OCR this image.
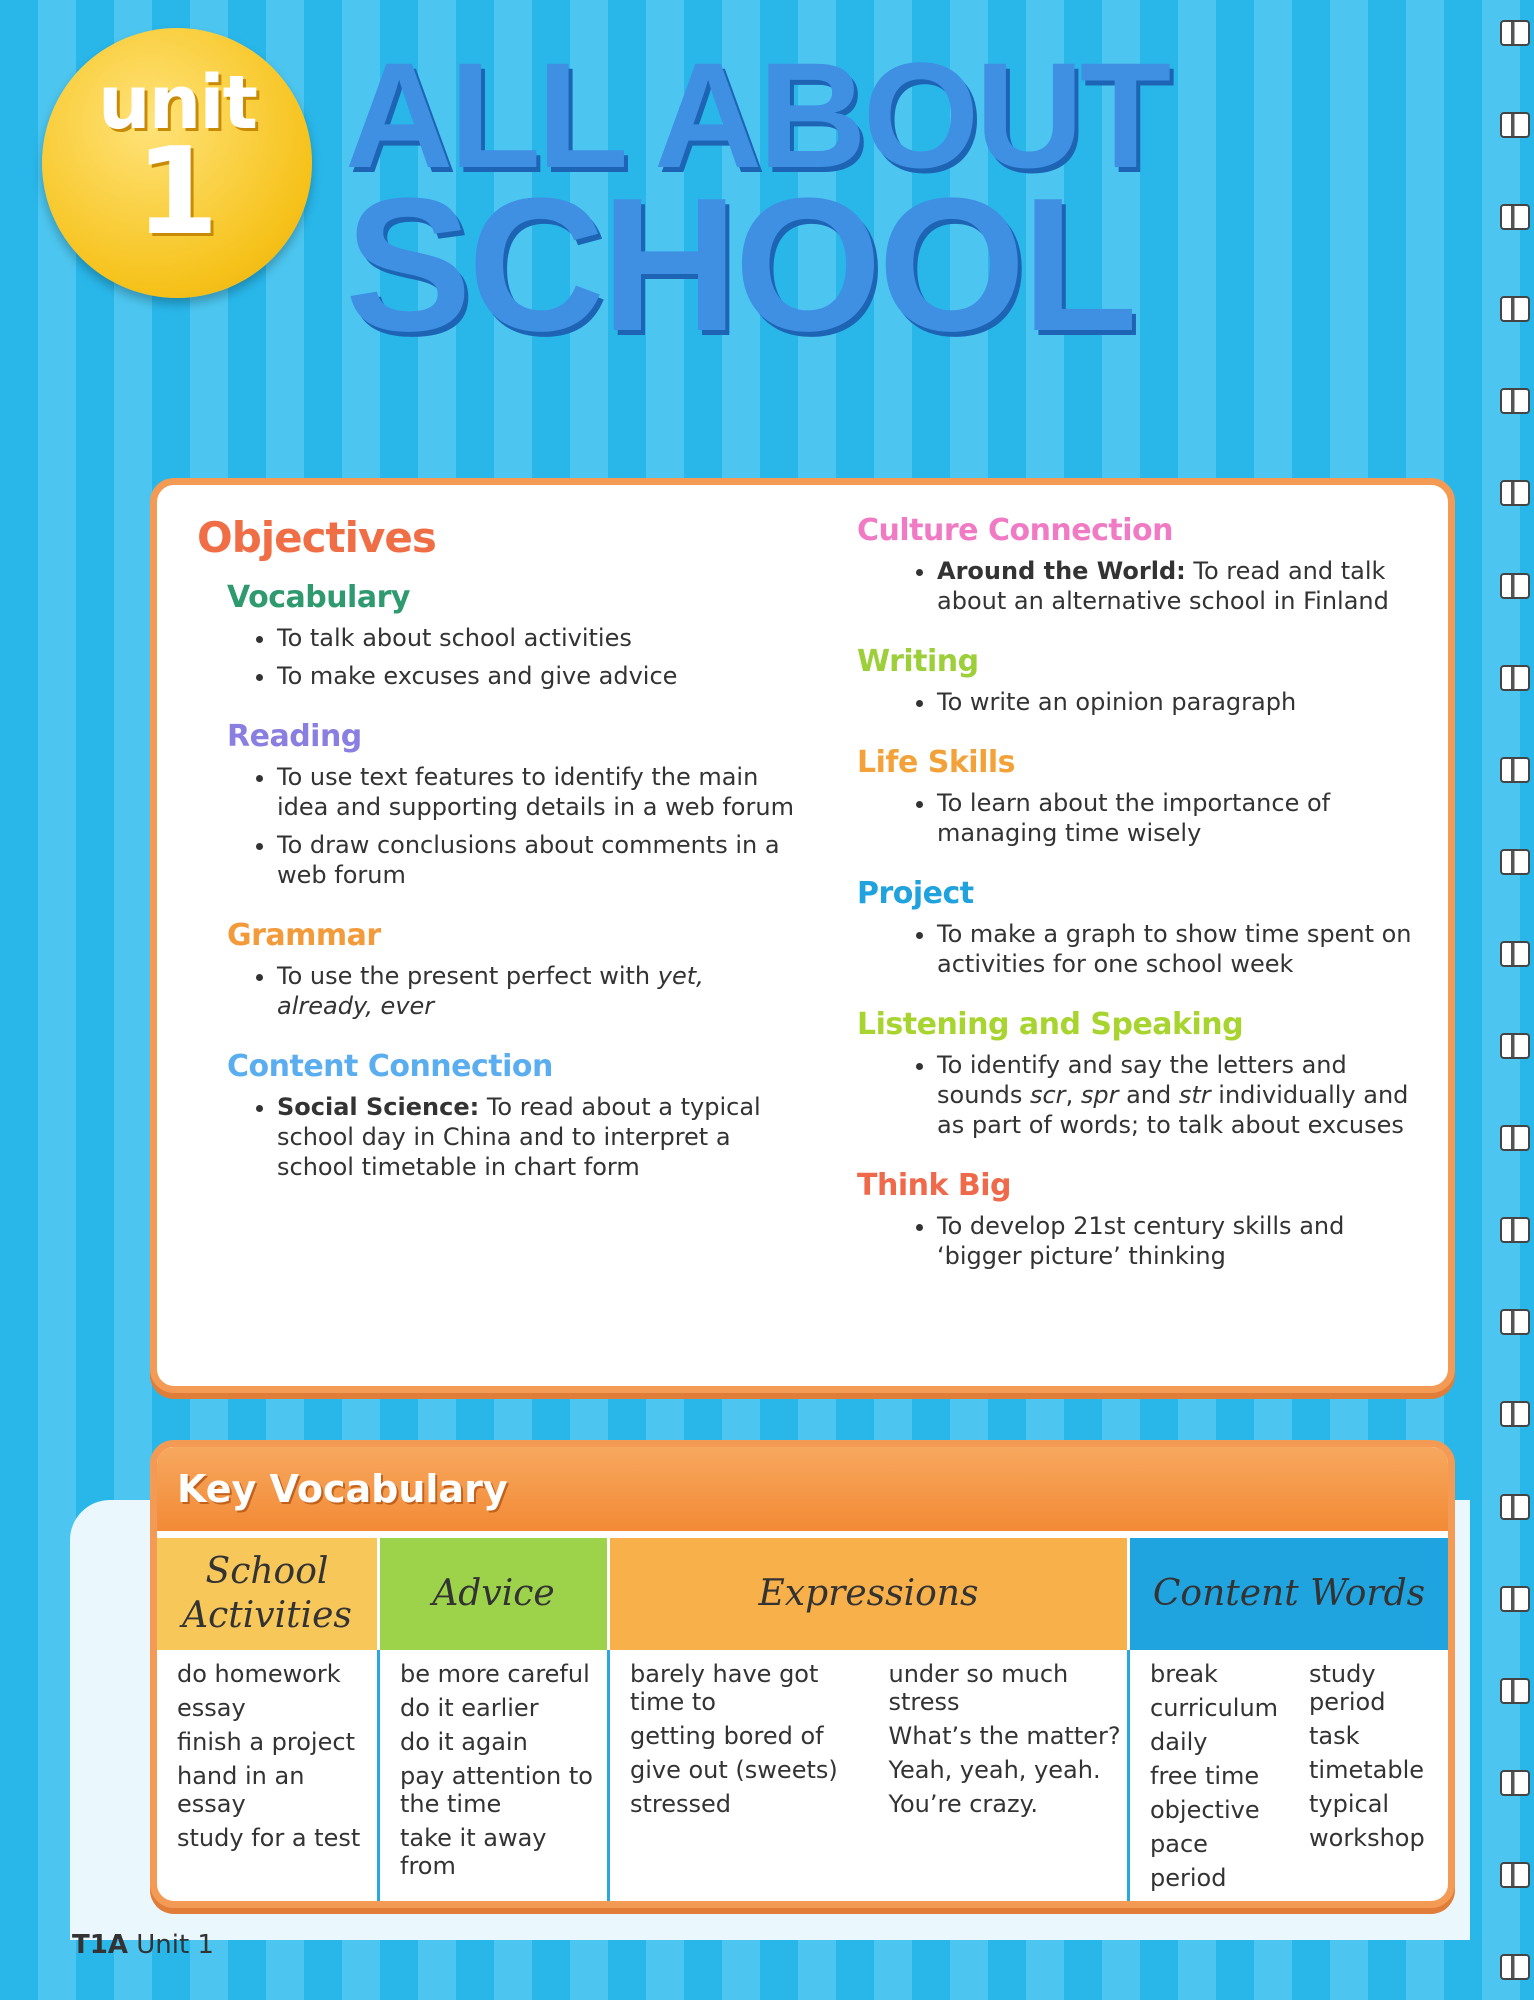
unit
1 ALL ABOUT
SCHOOL
Objectives
Vocabulary
• To talk about school activities
• To make excuses and give advice
Reading
• To use text features to identify the main idea and supporting details in a web forum
• To draw conclusions about comments in a web forum
Grammar
• To use the present perfect with yet, already, ever
Content Connection
• Social Science: To read about a typical school day in China and to interpret a school timetable in chart form
Culture Connection
• Around the World: To read and talk about an alternative school in Finland
Writing
• To write an opinion paragraph
Life Skills
• To learn about the importance of managing time wisely
Project
• To make a graph to show time spent on activities for one school week
Listening and Speaking
• To identify and say the letters and sounds scr, spr and str individually and as part of words; to talk about excuses
Think Big
• To develop 21st century skills and ‘bigger picture’ thinking
Key Vocabulary
School
Activities
do homework
essay
finish a project
hand in an essay
study for a test
Advice
be more careful
do it earlier
do it again
pay attention to the time
take it away from
Expressions
barely have got time to
getting bored of
give out (sweets)
stressed
under so much stress
What’s the matter?
Yeah, yeah, yeah.
You’re crazy.
Content Words
break
curriculum
daily
free time
objective
pace
period
study period
task
timetable
typical
workshop
T1A Unit 1
